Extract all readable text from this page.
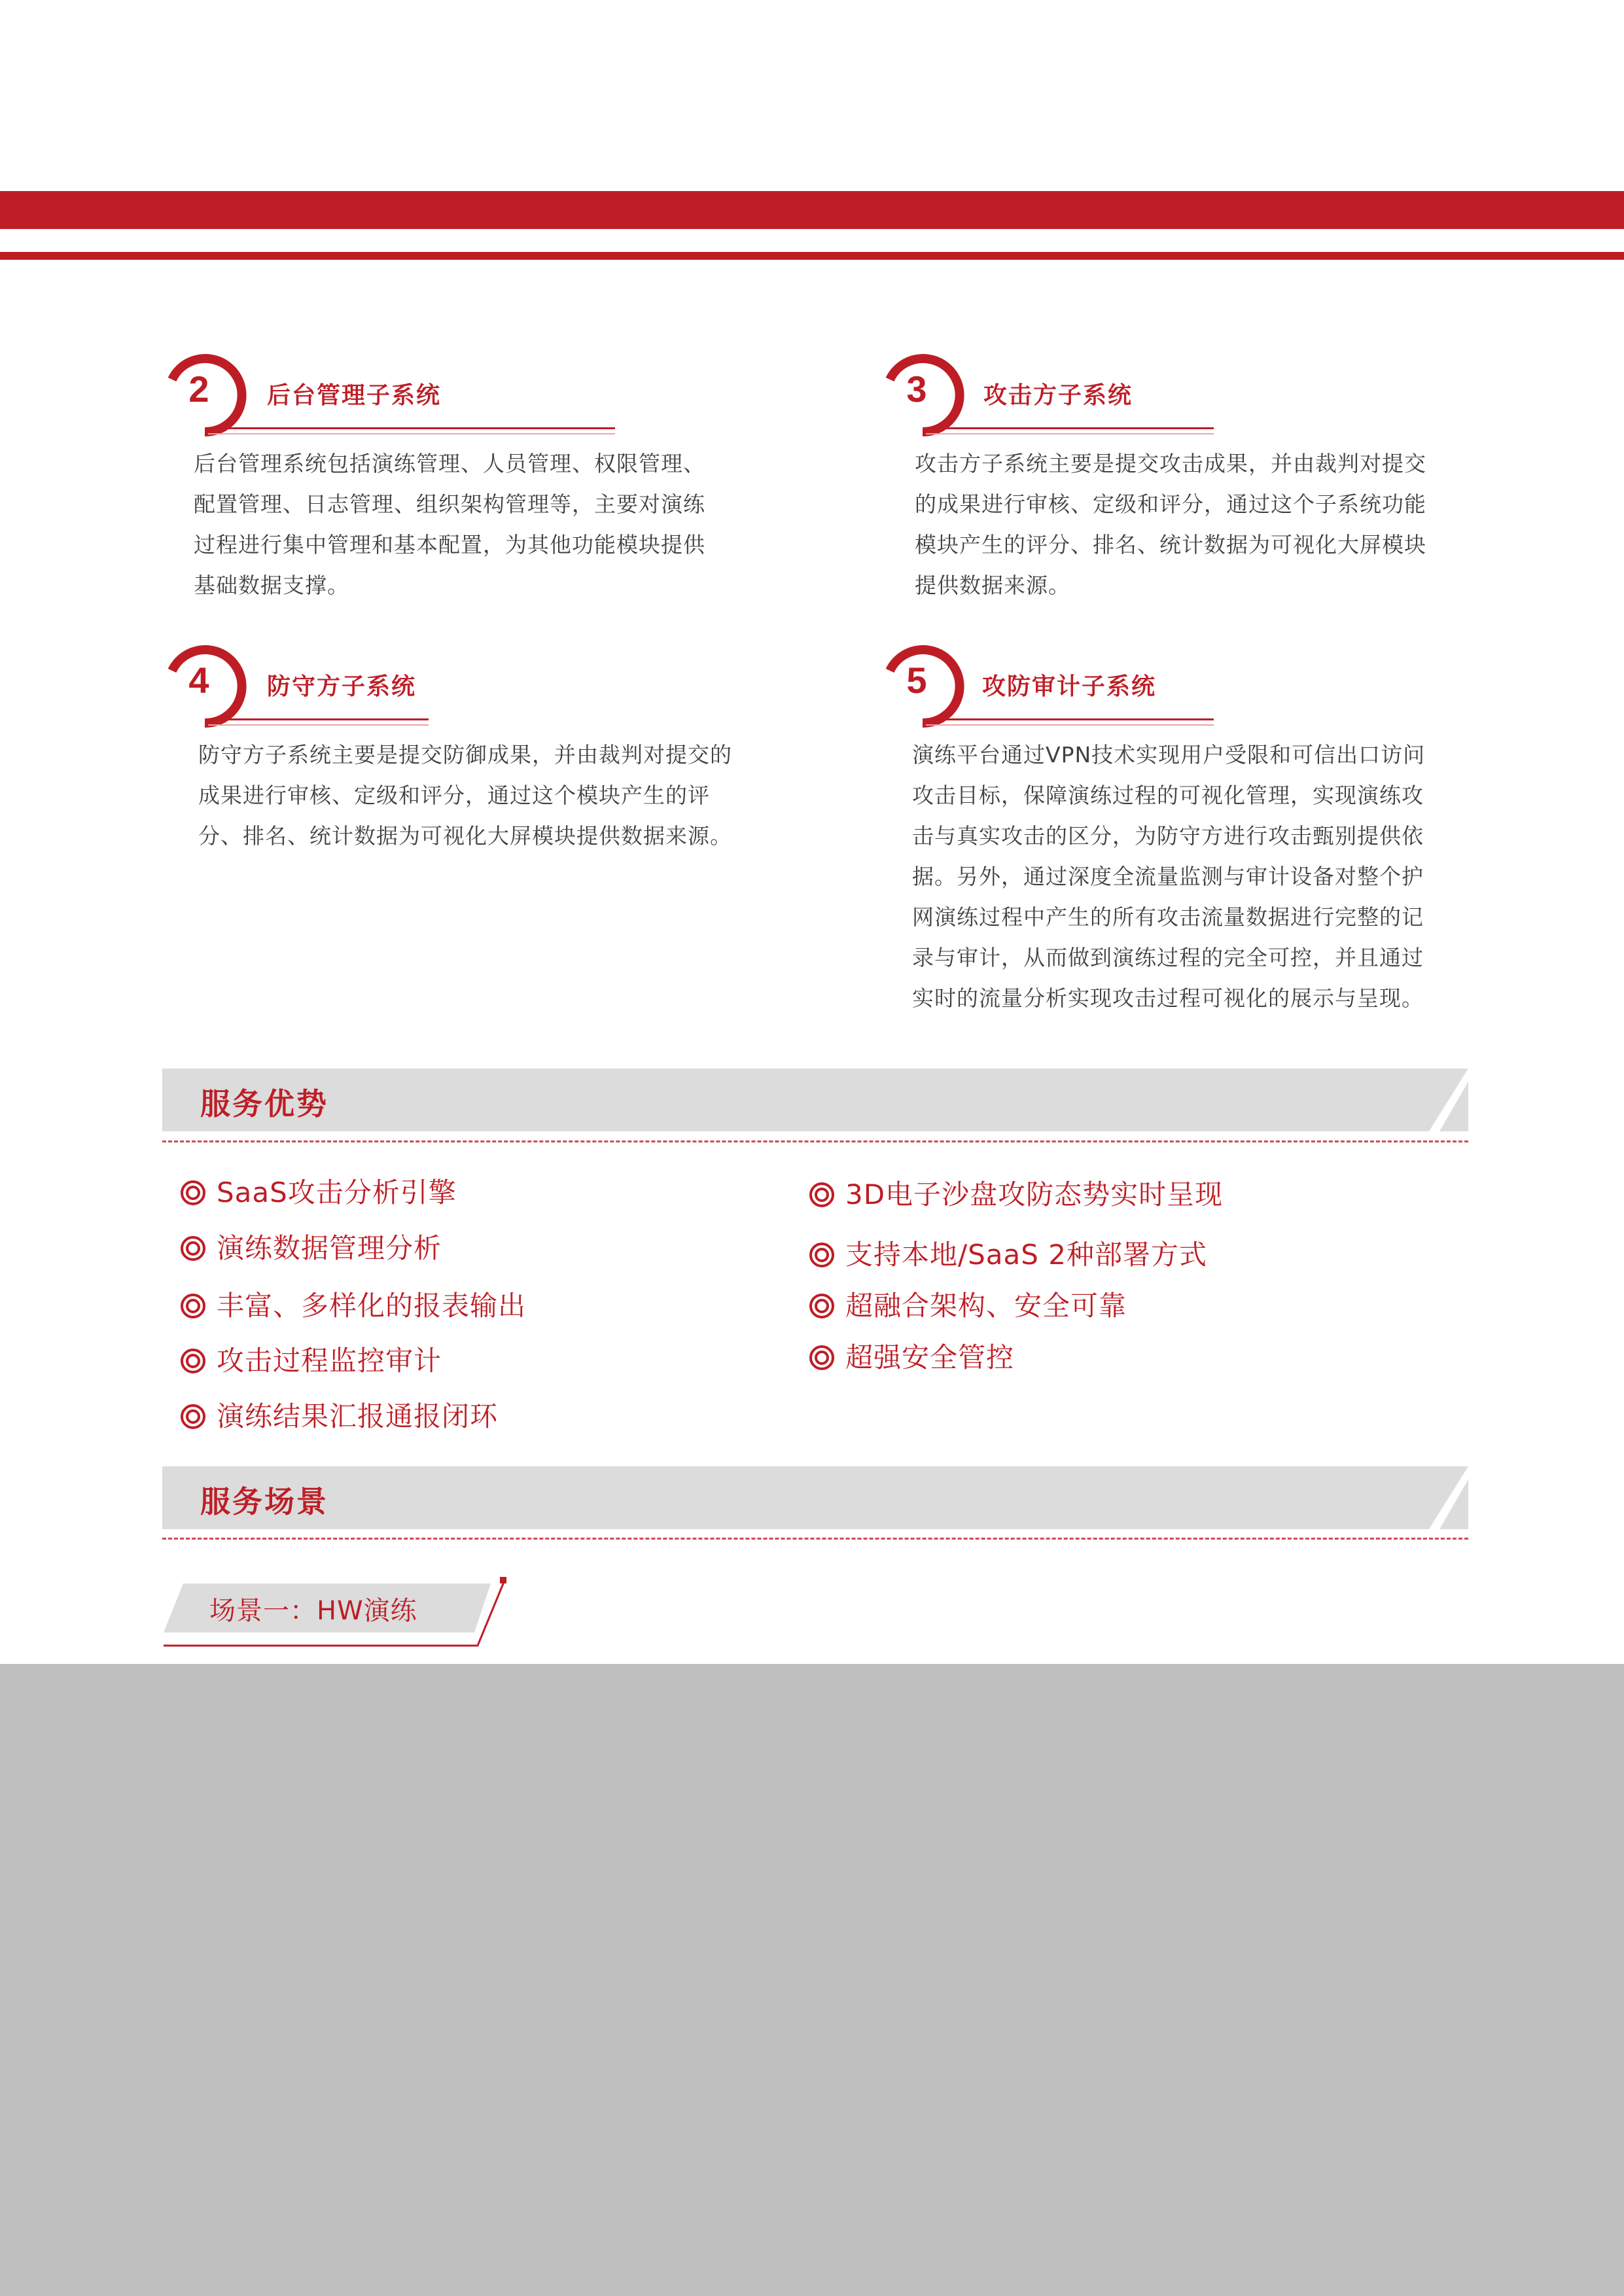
2	后台管理子系统
后台管理系统包括演练管理、人员管理、权限管理、
配置管理、日志管理、组织架构管理等，主要对演练
过程进行集中管理和基本配置，为其他功能模块提供
基础数据支撑。
3	攻击方子系统
攻击方子系统主要是提交攻击成果，并由裁判对提交
的成果进行审核、定级和评分，通过这个子系统功能
模块产生的评分、排名、统计数据为可视化大屏模块
提供数据来源。
4	防守方子系统
防守方子系统主要是提交防御成果，并由裁判对提交的
成果进行审核、定级和评分，通过这个模块产生的评
分、排名、统计数据为可视化大屏模块提供数据来源。
5	攻防审计子系统
演练平台通过VPN技术实现用户受限和可信出口访问
攻击目标，保障演练过程的可视化管理，实现演练攻
击与真实攻击的区分，为防守方进行攻击甄别提供依
据。另外，通过深度全流量监测与审计设备对整个护
网演练过程中产生的所有攻击流量数据进行完整的记
录与审计，从而做到演练过程的完全可控，并且通过
实时的流量分析实现攻击过程可视化的展示与呈现。
服务优势
SaaS攻击分析引擎
演练数据管理分析
丰富、多样化的报表输出
攻击过程监控审计
演练结果汇报通报闭环
3D电子沙盘攻防态势实时呈现
支持本地/SaaS 2种部署方式
超融合架构、安全可靠
超强安全管控
服务场景
场景一：HW演练
